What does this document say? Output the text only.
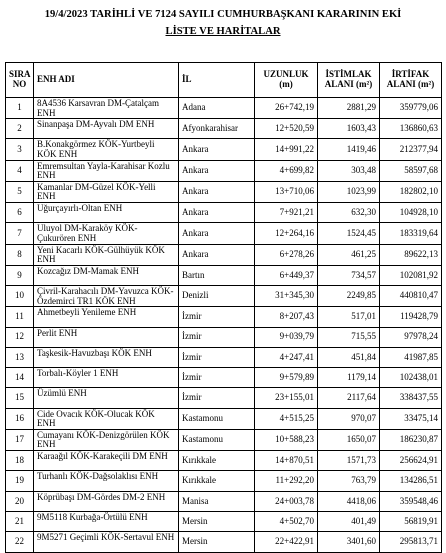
19/4/2023 TARİHLİ VE 7124 SAYILI CUMHURBAŞKANI KARARININ EKİ
LİSTE VE HARİTALAR
SIRA NO	ENH ADI	İL	UZUNLUK (m)	İSTİMLAK ALANI (m²)	İRTİFAK ALANI (m²)
1	8A4536 Karsavran DM-Çatalçam ENH	Adana	26+742,19	2881,29	359779,06
2	Sinanpaşa DM-Ayvalı DM ENH	Afyonkarahisar	12+520,59	1603,43	136860,63
3	B.Konakgörmez KÖK-Yurtbeyli KÖK ENH	Ankara	14+991,22	1419,46	212377,94
4	Emremsultan Yayla-Karahisar Kozlu ENH	Ankara	4+699,82	303,48	58597,68
5	Kamanlar DM-Güzel KÖK-Yelli ENH	Ankara	13+710,06	1023,99	182802,10
6	Uğurçayırlı-Oltan ENH	Ankara	7+921,21	632,30	104928,10
7	Uluyol DM-Karaköy KÖK-Çukurören ENH	Ankara	12+264,16	1524,45	183319,64
8	Yeni Kacarlı KÖK-Gülhüyük KÖK ENH	Ankara	6+278,26	461,25	89622,13
9	Kozcağız DM-Mamak ENH	Bartın	6+449,37	734,57	102081,92
10	Çivril-Karahacılı DM-Yavuzca KÖK-Özdemirci TR1 KÖK ENH	Denizli	31+345,30	2249,85	440810,47
11	Ahmetbeyli Yenileme ENH	İzmir	8+207,43	517,01	119428,79
12	Perlit ENH	İzmir	9+039,79	715,55	97978,24
13	Taşkesik-Havuzbaşı KÖK ENH	İzmir	4+247,41	451,84	41987,85
14	Torbalı-Köyler 1 ENH	İzmir	9+579,89	1179,14	102438,01
15	Üzümlü ENH	İzmir	23+155,01	2117,64	338437,55
16	Cide Ovacık KÖK-Olucak KÖK ENH	Kastamonu	4+515,25	970,07	33475,14
17	Cumayanı KÖK-Denizgörülen KÖK ENH	Kastamonu	10+588,23	1650,07	186230,87
18	Karaağıl KÖK-Karakeçili DM ENH	Kırıkkale	14+870,51	1571,73	256624,91
19	Turhanlı KÖK-Dağsolaklısı ENH	Kırıkkale	11+292,20	763,79	134286,51
20	Köprübaşı DM-Gördes DM-2 ENH	Manisa	24+003,78	4418,06	359548,46
21	9M5118 Kurbağa-Örtülü ENH	Mersin	4+502,70	401,49	56819,91
22	9M5271 Geçimli KÖK-Sertavul ENH	Mersin	22+422,91	3401,60	295813,71
